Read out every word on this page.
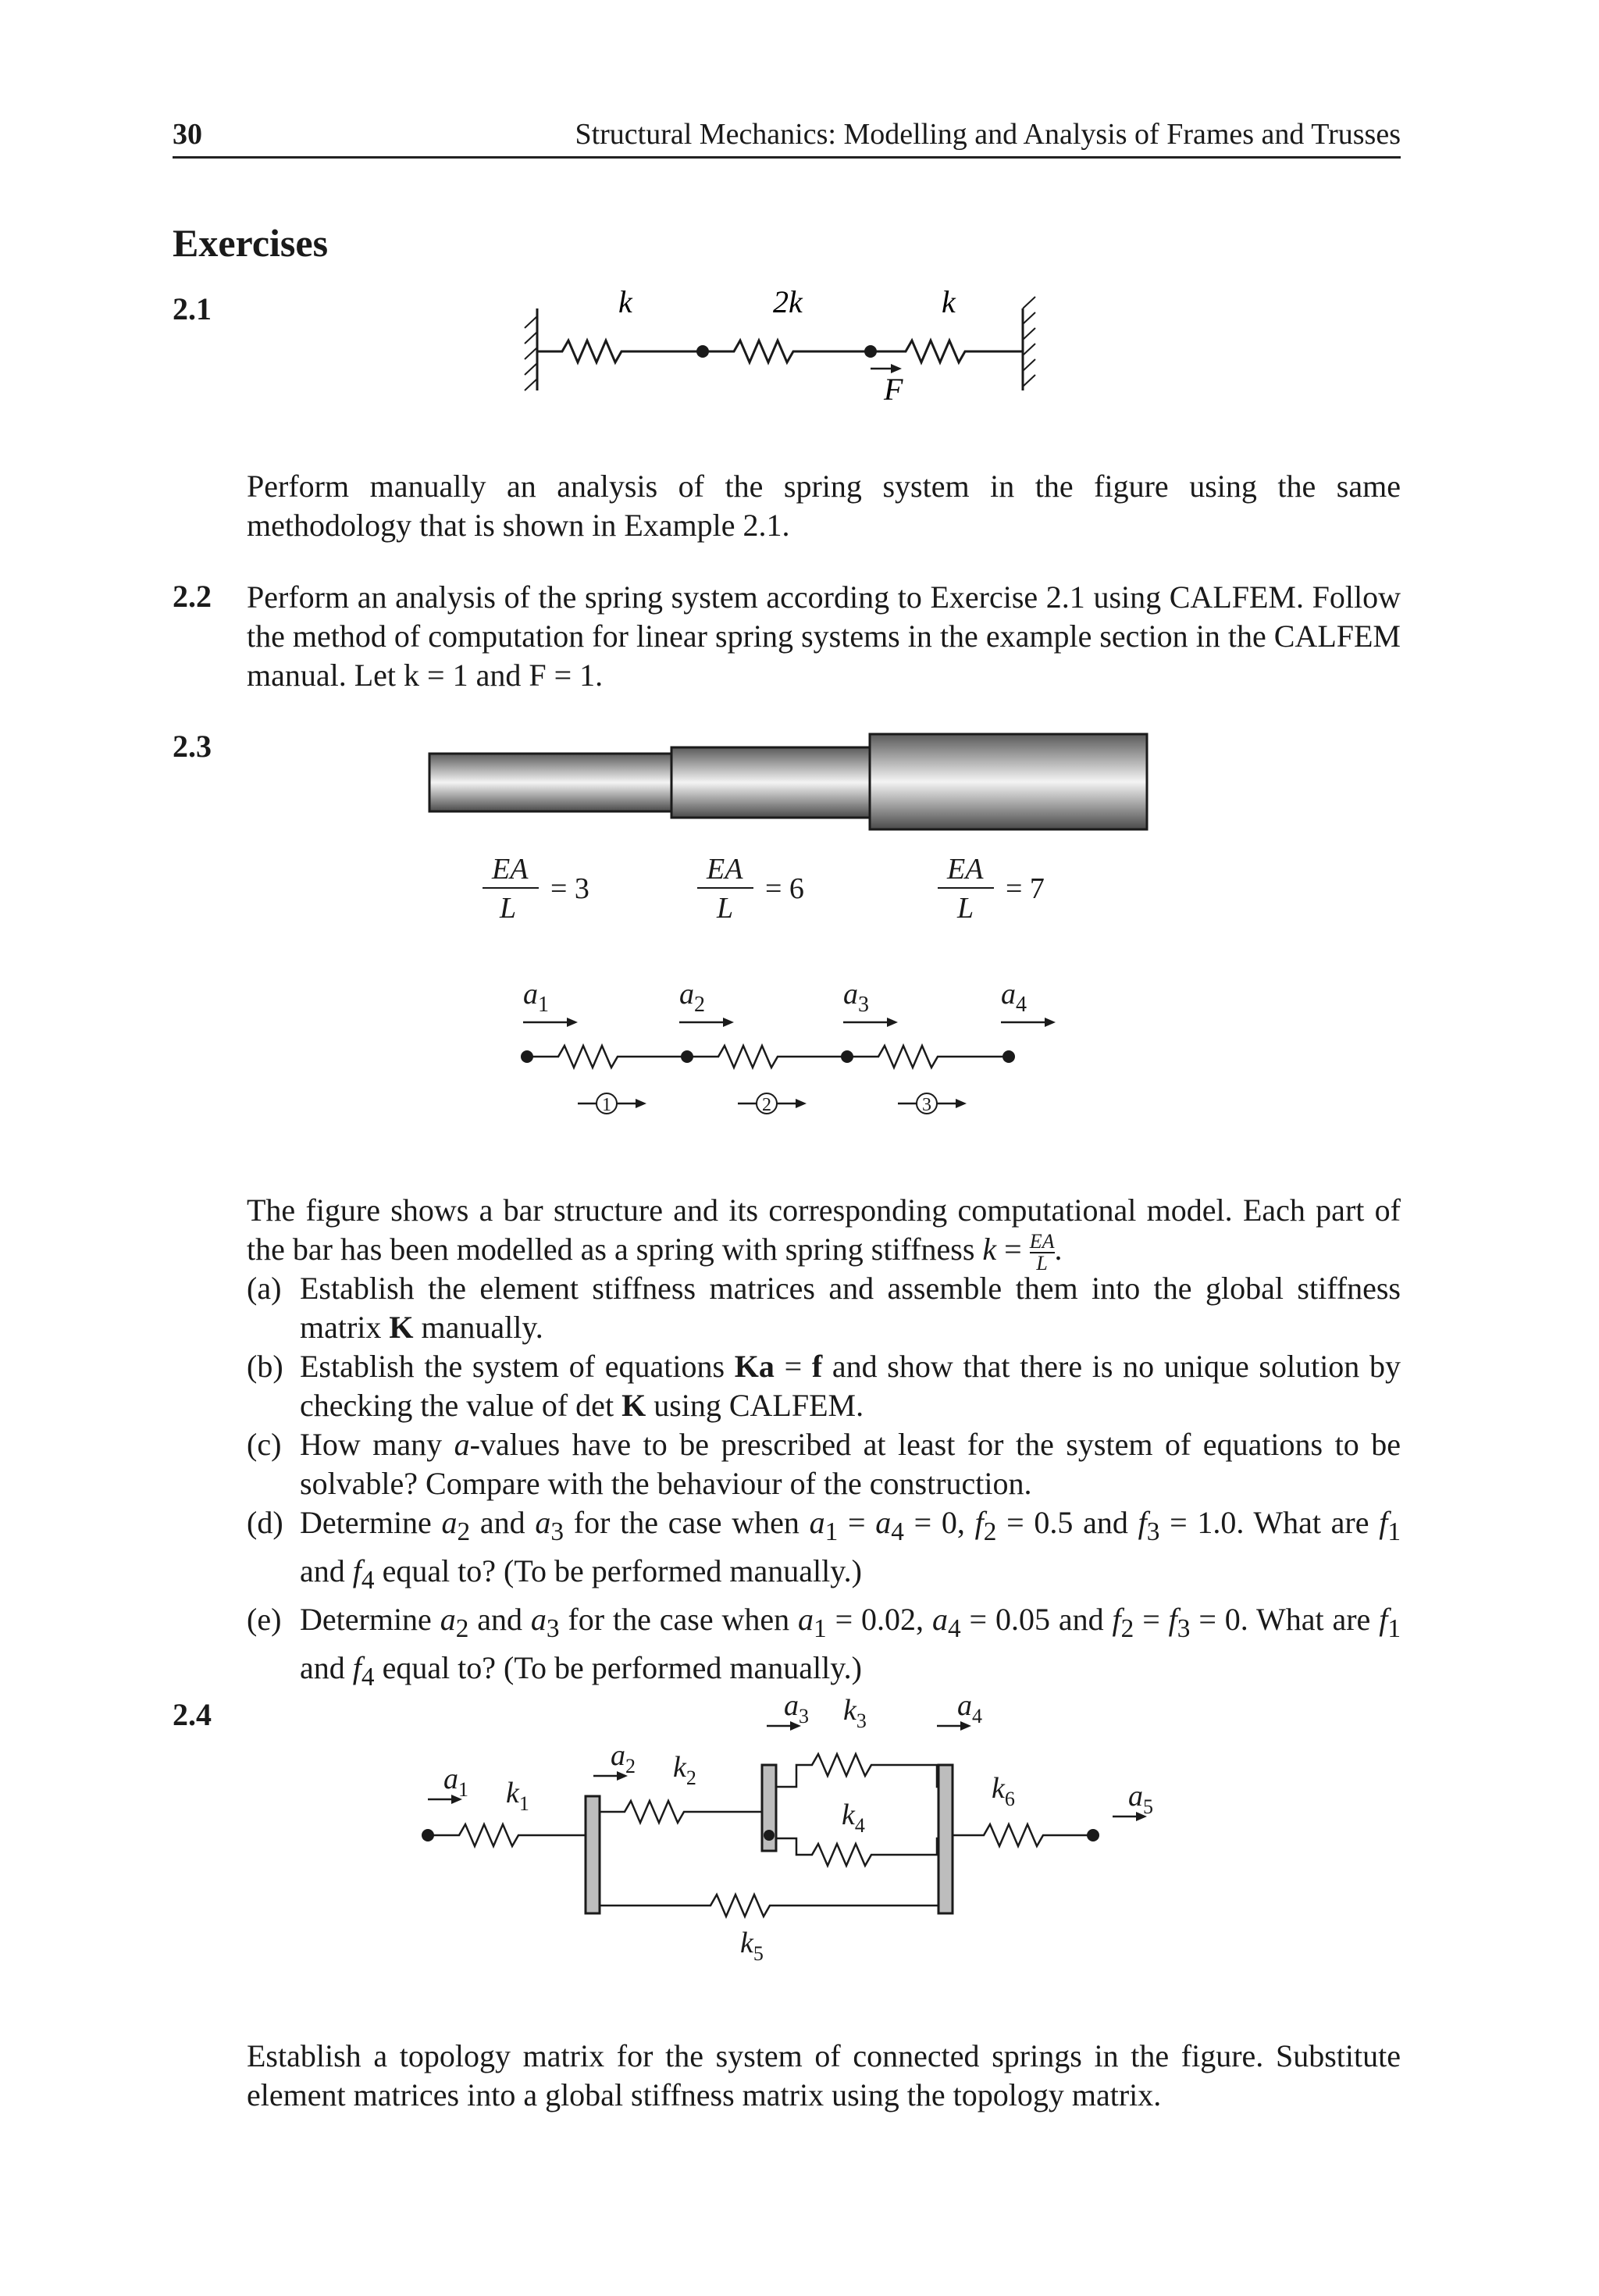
30	Structural Mechanics: Modelling and Analysis of Frames and Trusses
Exercises
2.1	k	2k	k
F

Perform manually an analysis of the spring system in the figure using the same methodology that is shown in Example 2.1.

2.2 Perform an analysis of the spring system according to Exercise 2.1 using CALFEM. Follow the method of computation for linear spring systems in the example section in the CALFEM manual. Let k = 1 and F = 1.

2.3
EA
L
EA
L
EA
L
= 3	= 6	= 7
$a_1$	$a_2$	$a_3$	$a_4$
1	2	3

The figure shows a bar structure and its corresponding computational model. Each part of the bar has been modelled as a spring with spring stiffness $k = \frac{EA}{L}$ .

(a) Establish the element stiffness matrices and assemble them into the global stiffness matrix K manually.
(b) Establish the system of equations Ka = f and show that there is no unique solution by checking the value of det K using CALFEM.
(c) How many a-values have to be prescribed at least for the system of equations to be solvable? Compare with the behaviour of the construction.
(d) Determine $a_2$ and $a_3$ for the case when $a_1 = a_4 = 0$, $f_2 = 0.5$ and $f_3 = 1.0$. What are $f_1$ and $f_4$ equal to? (To be performed manually.)
(e) Determine $a_2$ and $a_3$ for the case when $a_1 = 0.02$, $a_4 = 0.05$ and $f_2 = f_3 = 0$. What are $f_1$ and $f_4$ equal to? (To be performed manually.)
2.4
$a_1$
$a_2$
$a_3$	$a_4$
$a_5$
$k_1$
$k_2$
$k_3$
$k_4$
$k_5$
$k_6$

Establish a topology matrix for the system of connected springs in the figure. Substitute element matrices into a global stiffness matrix using the topology matrix.
